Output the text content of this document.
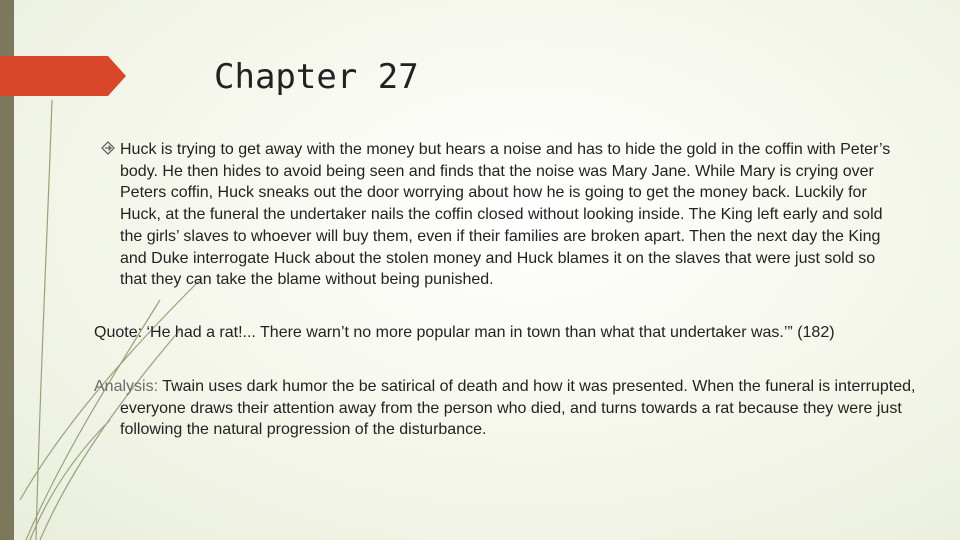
Chapter 27
Huck is trying to get away with the money but hears a noise and has to hide the gold in the coffin with Peter’s body. He then hides to avoid being seen and finds that the noise was Mary Jane. While Mary is crying over Peters coffin, Huck sneaks out the door worrying about how he is going to get the money back. Luckily for Huck, at the funeral the undertaker nails the coffin closed without looking inside. The King left early and sold the girls’ slaves to whoever will buy them, even if their families are broken apart. Then the next day the King and Duke interrogate Huck about the stolen money and Huck blames it on the slaves that were just sold so that they can take the blame without being punished.
Quote: ‘He had a rat!... There warn’t no more popular man in town than what that undertaker was.’” (182)
Analysis: Twain uses dark humor the be satirical of death and how it was presented. When the funeral is interrupted, everyone draws their attention away from the person who died, and turns towards a rat because they were just following the natural progression of the disturbance.
